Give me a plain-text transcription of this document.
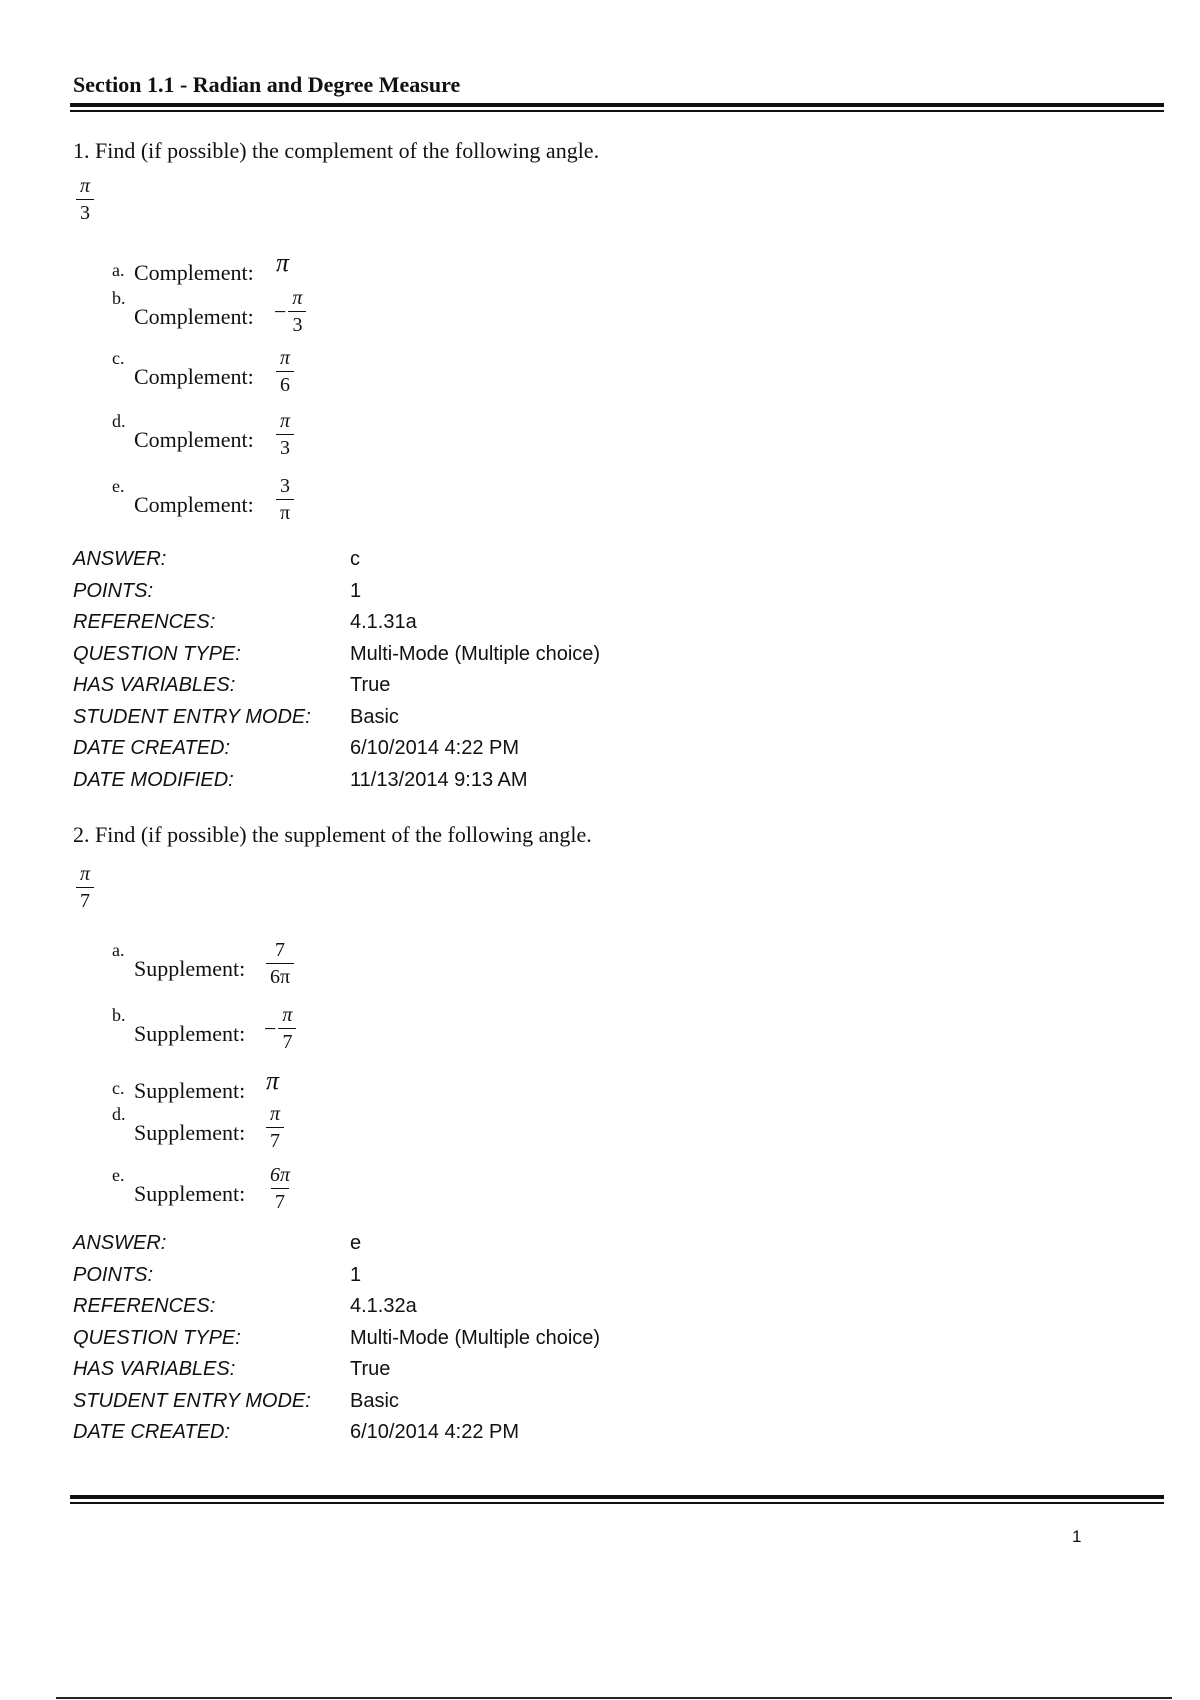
Section 1.1 - Radian and Degree Measure
1. Find (if possible) the complement of the following angle.
$\frac{\pi}{3}$
a. Complement: π
b.
Complement: − $\frac{\pi}{3}$
c.
Complement: $\frac{\pi}{6}$
d.
Complement: $\frac{\pi}{3}$
e.
Complement: $\frac{3}{\pi}$
ANSWER:	c
POINTS:	1
REFERENCES:	4.1.31a
QUESTION TYPE:	Multi-Mode (Multiple choice)
HAS VARIABLES:	True
STUDENT ENTRY MODE: Basic
DATE CREATED:	6/10/2014 4:22 PM
DATE MODIFIED:	11/13/2014 9:13 AM
2. Find (if possible) the supplement of the following angle.
$\frac{\pi}{7}$
a.
Supplement: $\frac{7}{6\pi}$
b.
Supplement: − $\frac{\pi}{7}$
c. Supplement: π
d.
Supplement: $\frac{\pi}{7}$
e.
Supplement: $\frac{6\pi}{7}$
ANSWER:	e
POINTS:	1
REFERENCES:	4.1.32a
QUESTION TYPE:	Multi-Mode (Multiple choice)
HAS VARIABLES:	True
STUDENT ENTRY MODE: Basic
DATE CREATED:	6/10/2014 4:22 PM
1
